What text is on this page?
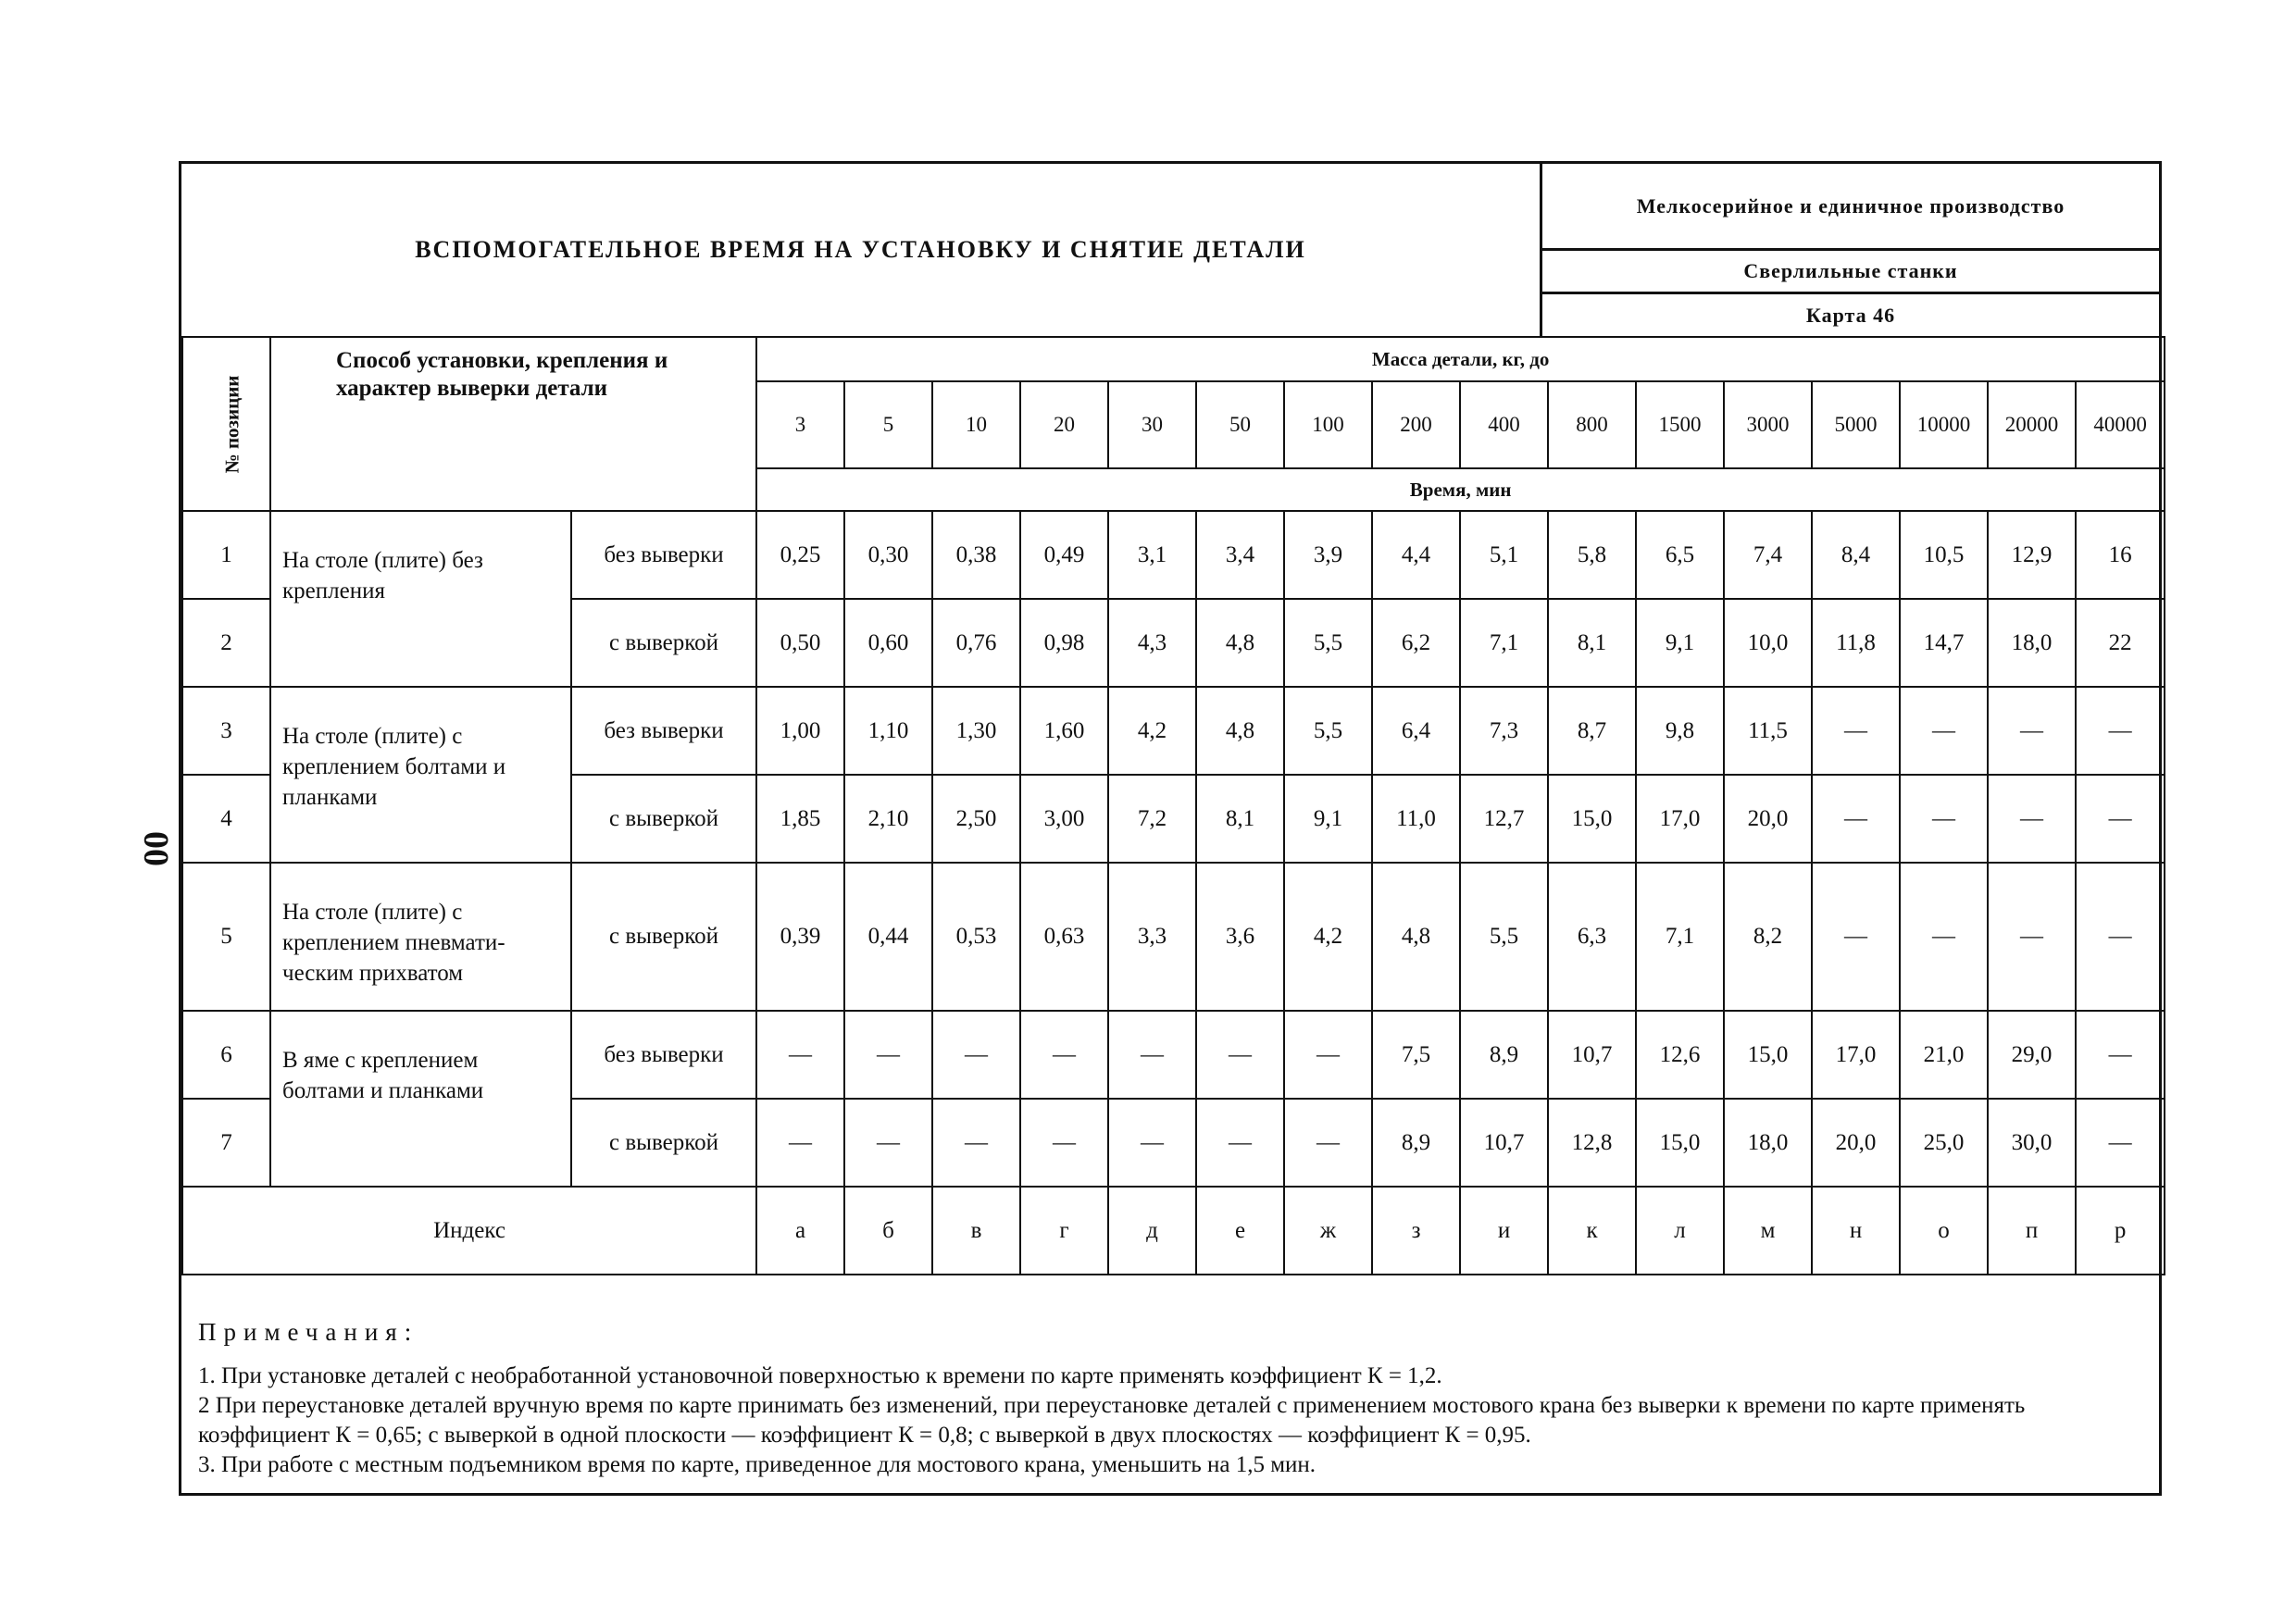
00
ВСПОМОГАТЕЛЬНОЕ ВРЕМЯ НА УСТАНОВКУ И СНЯТИЕ ДЕТАЛИ
Мелкосерийное и единичное производство
Сверлильные станки
Карта 46
№ позиции	Способ установки, крепления и характер выверки детали		Масса детали, кг, до															
			3	5	10	20	30	50	100	200	400	800	1500	3000	5000	10000	20000	40000
			Время, мин															
1	На столе (плите) без крепления	без выверки	0,25	0,30	0,38	0,49	3,1	3,4	3,9	4,4	5,1	5,8	6,5	7,4	8,4	10,5	12,9	16
2		с выверкой	0,50	0,60	0,76	0,98	4,3	4,8	5,5	6,2	7,1	8,1	9,1	10,0	11,8	14,7	18,0	22
3	На столе (плите) с креплением болтами и планками	без выверки	1,00	1,10	1,30	1,60	4,2	4,8	5,5	6,4	7,3	8,7	9,8	11,5	—	—	—	—
4		с выверкой	1,85	2,10	2,50	3,00	7,2	8,1	9,1	11,0	12,7	15,0	17,0	20,0	—	—	—	—
5	На столе (плите) с креплением пневмати-ческим прихватом	с выверкой	0,39	0,44	0,53	0,63	3,3	3,6	4,2	4,8	5,5	6,3	7,1	8,2	—	—	—	—
6	В яме с креплением болтами и планками	без выверки	—	—	—	—	—	—	—	7,5	8,9	10,7	12,6	15,0	17,0	21,0	29,0	—
7		с выверкой	—	—	—	—	—	—	—	8,9	10,7	12,8	15,0	18,0	20,0	25,0	30,0	—
Индекс			а	б	в	г	д	е	ж	з	и	к	л	м	н	о	п	р
Примечания:
1. При установке деталей с необработанной установочной поверхностью к времени по карте применять коэффициент К = 1,2.
2 При переустановке деталей вручную время по карте принимать без изменений, при переустановке деталей с применением мостового крана без выверки к времени по карте применять коэффициент К = 0,65; с выверкой в одной плоскости — коэффициент К = 0,8; с выверкой в двух плоскостях — коэффициент К = 0,95.
3. При работе с местным подъемником время по карте, приведенное для мостового крана, уменьшить на 1,5 мин.
